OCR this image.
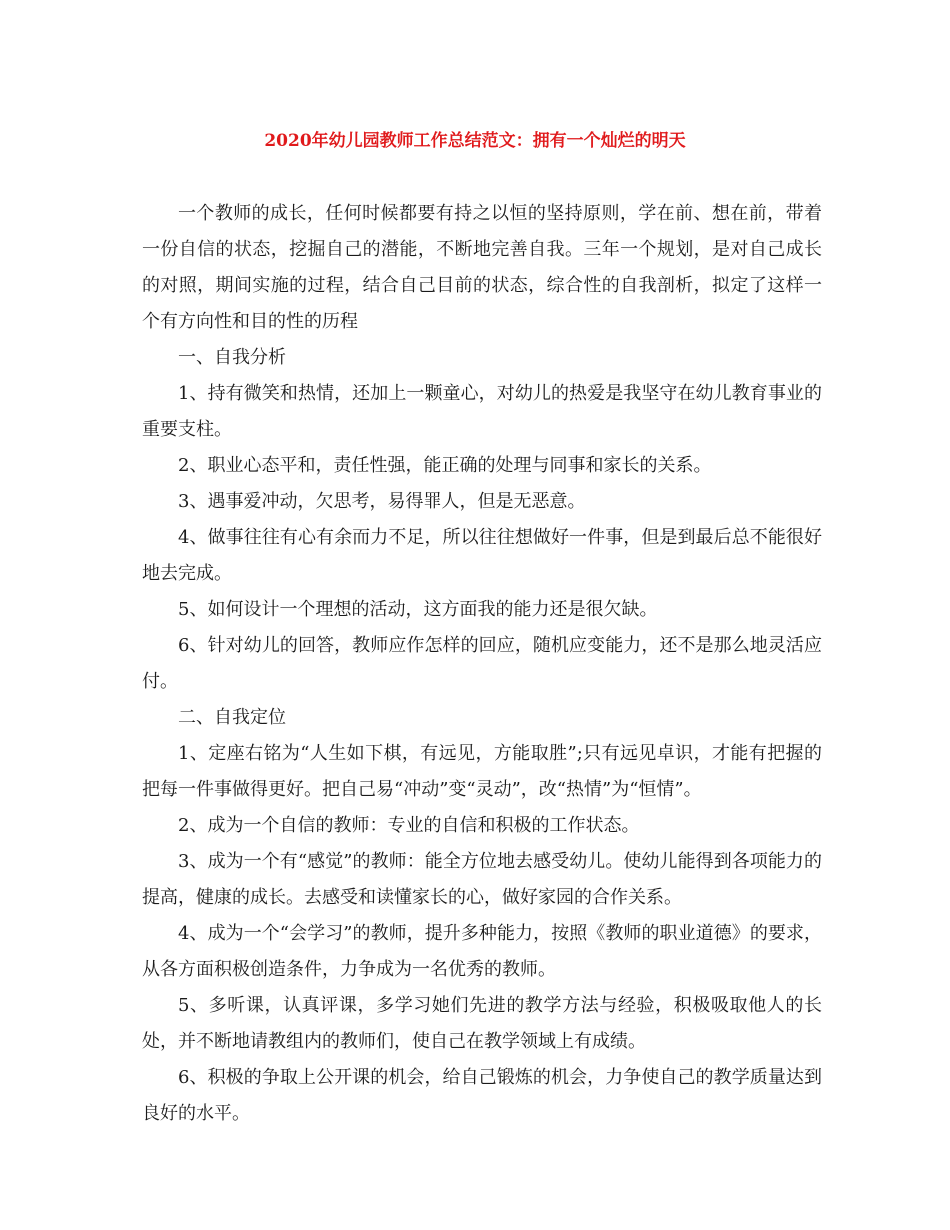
2020年幼儿园教师工作总结范文：拥有一个灿烂的明天

一个教师的成长，任何时候都要有持之以恒的坚持原则，学在前、想在前，带着一份自信的状态，挖掘自己的潜能，不断地完善自我。三年一个规划，是对自己成长的对照，期间实施的过程，结合自己目前的状态，综合性的自我剖析，拟定了这样一个有方向性和目的性的历程

一、自我分析

1、持有微笑和热情，还加上一颗童心，对幼儿的热爱是我坚守在幼儿教育事业的重要支柱。

2、职业心态平和，责任性强，能正确的处理与同事和家长的关系。

3、遇事爱冲动，欠思考，易得罪人，但是无恶意。

4、做事往往有心有余而力不足，所以往往想做好一件事，但是到最后总不能很好地去完成。

5、如何设计一个理想的活动，这方面我的能力还是很欠缺。

6、针对幼儿的回答，教师应作怎样的回应，随机应变能力，还不是那么地灵活应付。

二、自我定位

1、定座右铭为“人生如下棋，有远见，方能取胜”;只有远见卓识，才能有把握的把每一件事做得更好。把自己易“冲动”变“灵动”，改“热情”为“恒情”。

2、成为一个自信的教师：专业的自信和积极的工作状态。

3、成为一个有“感觉”的教师：能全方位地去感受幼儿。使幼儿能得到各项能力的提高，健康的成长。去感受和读懂家长的心，做好家园的合作关系。

4、成为一个“会学习”的教师，提升多种能力，按照《教师的职业道德》的要求，从各方面积极创造条件，力争成为一名优秀的教师。

5、多听课，认真评课，多学习她们先进的教学方法与经验，积极吸取他人的长处，并不断地请教组内的教师们，使自己在教学领域上有成绩。

6、积极的争取上公开课的机会，给自己锻炼的机会，力争使自己的教学质量达到良好的水平。
